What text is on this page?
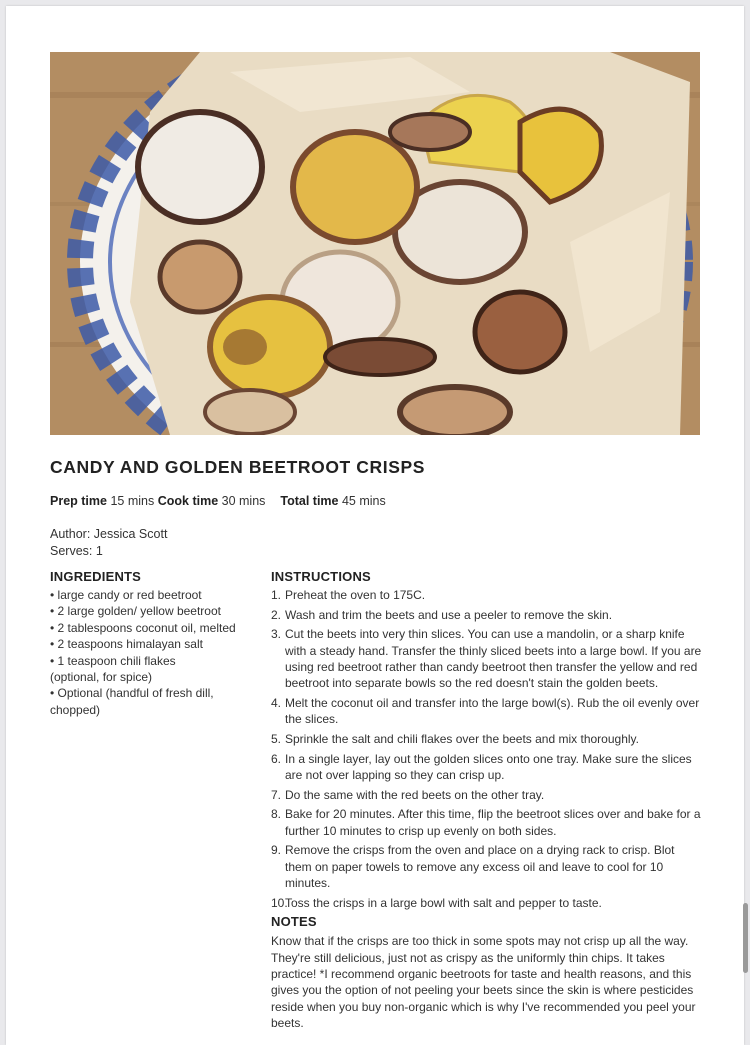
CANDY AND GOLDEN BEETROOT CRISPS
Prep time 15 mins Cook time 30 mins Total time 45 mins
Author: Jessica Scott
Serves: 1
INGREDIENTS
• large candy or red beetroot
• 2 large golden/ yellow beetroot
• 2 tablespoons coconut oil, melted
• 2 teaspoons himalayan salt
• 1 teaspoon chili flakes
(optional, for spice)
• Optional (handful of fresh dill, chopped)
INSTRUCTIONS
1. Preheat the oven to 175C.
2. Wash and trim the beets and use a peeler to remove the skin.
3. Cut the beets into very thin slices. You can use a mandolin, or a sharp knife with a steady hand. Transfer the thinly sliced beets into a large bowl. If you are using red beetroot rather than candy beetroot then transfer the yellow and red beetroot into separate bowls so the red doesn't stain the golden beets.
4. Melt the coconut oil and transfer into the large bowl(s). Rub the oil evenly over the slices.
5. Sprinkle the salt and chili flakes over the beets and mix thoroughly.
6. In a single layer, lay out the golden slices onto one tray. Make sure the slices are not over lapping so they can crisp up.
7. Do the same with the red beets on the other tray.
8. Bake for 20 minutes. After this time, flip the beetroot slices over and bake for a further 10 minutes to crisp up evenly on both sides.
9. Remove the crisps from the oven and place on a drying rack to crisp. Blot them on paper towels to remove any excess oil and leave to cool for 10 minutes.
10.
Toss the crisps in a large bowl with salt and pepper to taste.
NOTES
Know that if the crisps are too thick in some spots may not crisp up all the way. They're still delicious, just not as crispy as the uniformly thin chips. It takes practice! *I recommend organic beetroots for taste and health reasons, and this gives you the option of not peeling your beets since the skin is where pesticides reside when you buy non-organic which is why I've recommended you peel your beets.
